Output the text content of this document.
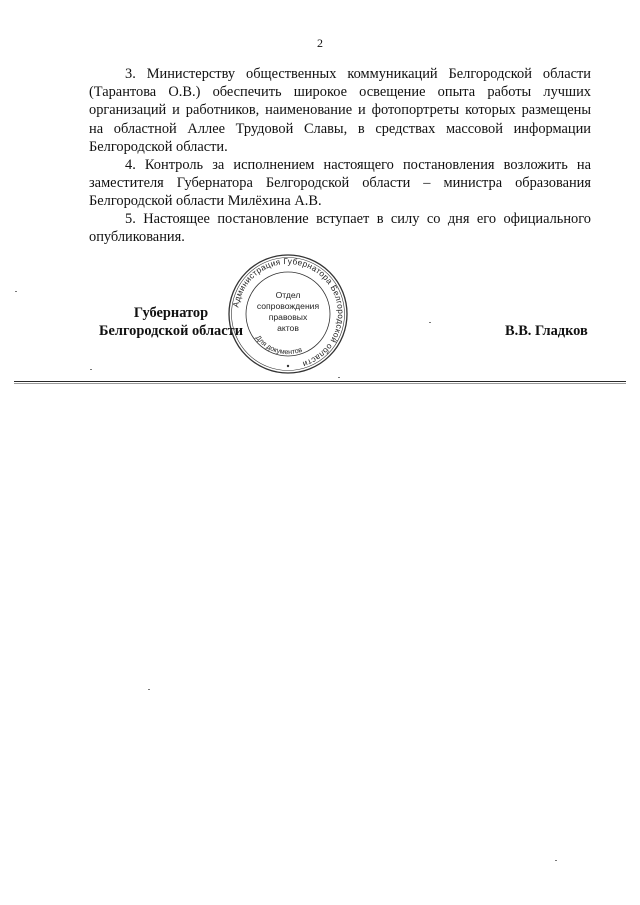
2

3. Министерству общественных коммуникаций Белгородской области (Тарантова О.В.) обеспечить широкое освещение опыта работы лучших организаций и работников, наименование и фотопортреты которых размещены на областной Аллее Трудовой Славы, в средствах массовой информации Белгородской области.

4. Контроль за исполнением настоящего постановления возложить на заместителя Губернатора Белгородской области – министра образования Белгородской области Милёхина А.В.

5. Настоящее постановление вступает в силу со дня его официального опубликования.

Губернатор
Белгородской области	В.В. Гладков
Администрация Губернатора Белгородской области
Отдел
сопровождения
правовых
актов
Для документов
